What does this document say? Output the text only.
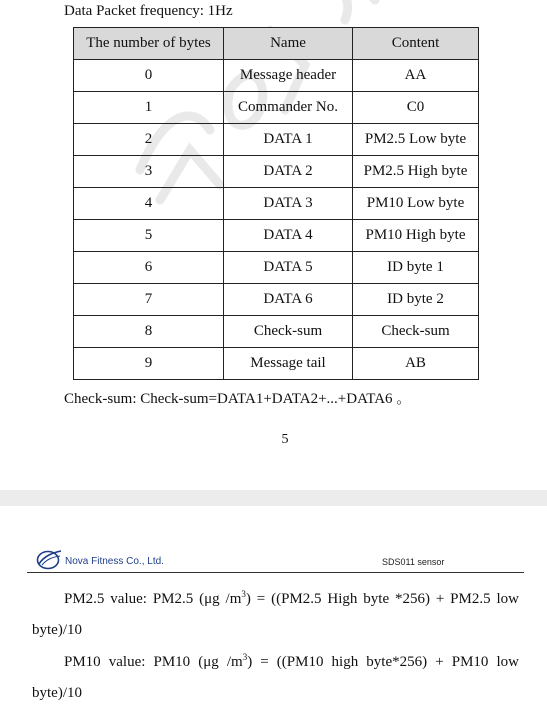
Data Packet frequency: 1Hz
The number of bytes	Name	Content
0	Message header	AA
1	Commander No.	C0
2	DATA 1	PM2.5 Low byte
3	DATA 2	PM2.5 High byte
4	DATA 3	PM10 Low byte
5	DATA 4	PM10 High byte
6	DATA 5	ID byte 1
7	DATA 6	ID byte 2
8	Check-sum	Check-sum
9	Message tail	AB
Check-sum: Check-sum=DATA1+DATA2+...+DATA6 。
5
Nova Fitness Co., Ltd.	SDS011 sensor
PM2.5 value: PM2.5 (μg $/m^3) = ((PM2.5$ High byte *256) + PM2.5 low byte)/10
PM10 value: PM10 (μg $/m^3) = ((PM10$ high byte*256) + PM10 low byte)/10
